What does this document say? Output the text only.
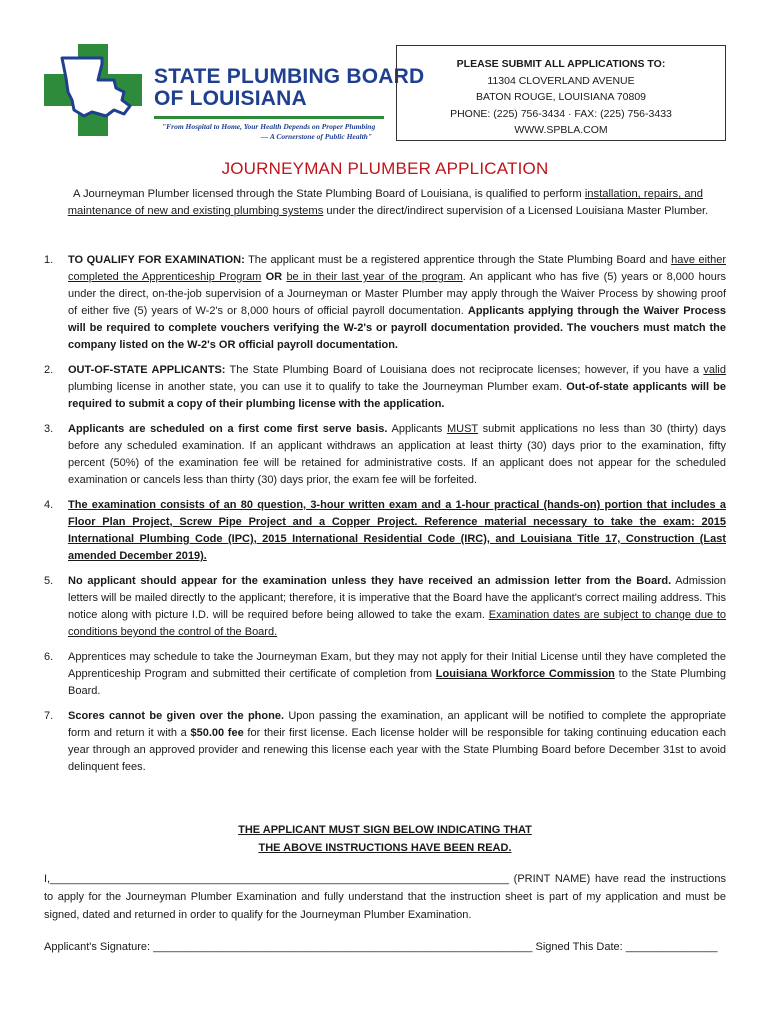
STATE PLUMBING BOARD
OF LOUISIANA
"From Hospital to Home, Your Health Depends on Proper Plumbing
— A Cornerstone of Public Health"
PLEASE SUBMIT ALL APPLICATIONS TO:
11304 CLOVERLAND AVENUE
BATON ROUGE, LOUISIANA 70809
PHONE: (225) 756-3434 · FAX: (225) 756-3433
WWW.SPBLA.COM
JOURNEYMAN PLUMBER APPLICATION
A Journeyman Plumber licensed through the State Plumbing Board of Louisiana, is qualified to perform installation, repairs, and maintenance of new and existing plumbing systems under the direct/indirect supervision of a Licensed Louisiana Master Plumber.
1. TO QUALIFY FOR EXAMINATION: The applicant must be a registered apprentice through the State Plumbing Board and have either completed the Apprenticeship Program OR be in their last year of the program. An applicant who has five (5) years or 8,000 hours under the direct, on-the-job supervision of a Journeyman or Master Plumber may apply through the Waiver Process by showing proof of either five (5) years of W-2's or 8,000 hours of official payroll documentation. Applicants applying through the Waiver Process will be required to complete vouchers verifying the W-2's or payroll documentation provided. The vouchers must match the company listed on the W-2's OR official payroll documentation.
2. OUT-OF-STATE APPLICANTS: The State Plumbing Board of Louisiana does not reciprocate licenses; however, if you have a valid plumbing license in another state, you can use it to qualify to take the Journeyman Plumber exam. Out-of-state applicants will be required to submit a copy of their plumbing license with the application.
3. Applicants are scheduled on a first come first serve basis. Applicants MUST submit applications no less than 30 (thirty) days before any scheduled examination. If an applicant withdraws an application at least thirty (30) days prior to the examination, fifty percent (50%) of the examination fee will be retained for administrative costs. If an applicant does not appear for the scheduled examination or cancels less than thirty (30) days prior, the exam fee will be forfeited.
4. The examination consists of an 80 question, 3-hour written exam and a 1-hour practical (hands-on) portion that includes a Floor Plan Project, Screw Pipe Project and a Copper Project. Reference material necessary to take the exam: 2015 International Plumbing Code (IPC), 2015 International Residential Code (IRC), and Louisiana Title 17, Construction (Last amended December 2019).
5. No applicant should appear for the examination unless they have received an admission letter from the Board. Admission letters will be mailed directly to the applicant; therefore, it is imperative that the Board have the applicant's correct mailing address. This notice along with picture I.D. will be required before being allowed to take the exam. Examination dates are subject to change due to conditions beyond the control of the Board.
6. Apprentices may schedule to take the Journeyman Exam, but they may not apply for their Initial License until they have completed the Apprenticeship Program and submitted their certificate of completion from Louisiana Workforce Commission to the State Plumbing Board.
7. Scores cannot be given over the phone. Upon passing the examination, an applicant will be notified to complete the appropriate form and return it with a $50.00 fee for their first license. Each license holder will be responsible for taking continuing education each year through an approved provider and renewing this license each year with the State Plumbing Board before December 31st to avoid delinquent fees.
THE APPLICANT MUST SIGN BELOW INDICATING THAT
THE ABOVE INSTRUCTIONS HAVE BEEN READ.
I,___________________________________________________________________________ (PRINT NAME) have read the instructions to apply for the Journeyman Plumber Examination and fully understand that the instruction sheet is part of my application and must be signed, dated and returned in order to qualify for the Journeyman Plumber Examination.
Applicant's Signature: ______________________________________________________________ Signed This Date: _______________
